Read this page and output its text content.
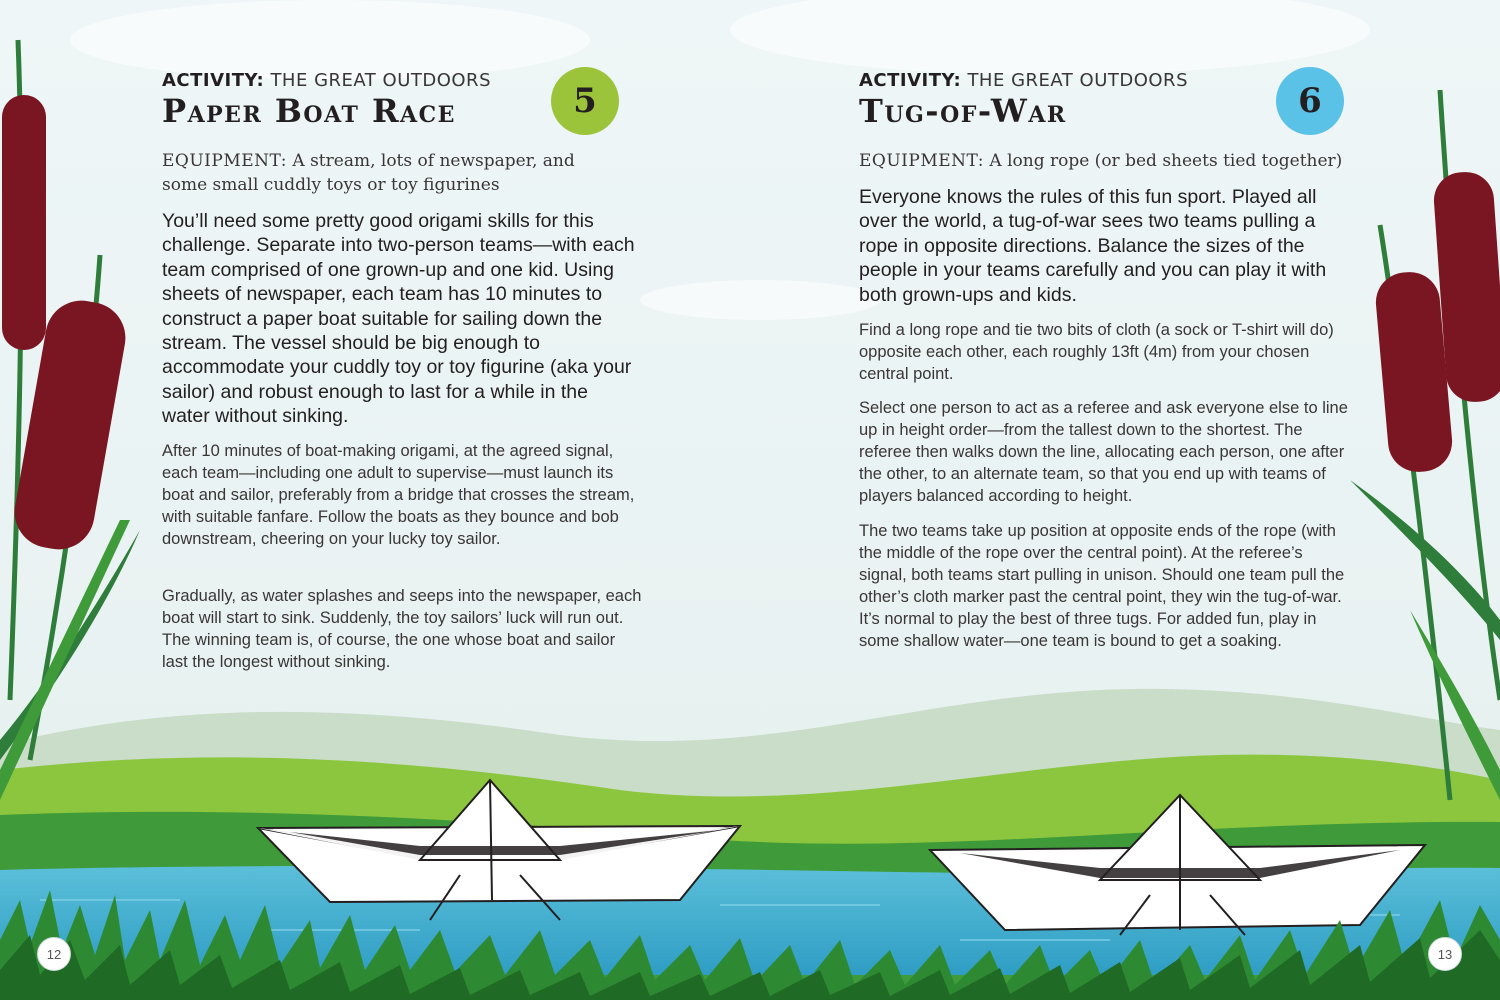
ACTIVITY: THE GREAT OUTDOORS
Paper Boat Race	5
EQUIPMENT: A stream, lots of newspaper, and some small cuddly toys or toy figurines

You’ll need some pretty good origami skills for this challenge. Separate into two-person teams—with each team comprised of one grown-up and one kid. Using sheets of newspaper, each team has 10 minutes to construct a paper boat suitable for sailing down the stream. The vessel should be big enough to accommodate your cuddly toy or toy figurine (aka your sailor) and robust enough to last for a while in the water without sinking.

After 10 minutes of boat-making origami, at the agreed signal, each team—including one adult to supervise—must launch its boat and sailor, preferably from a bridge that crosses the stream, with suitable fanfare. Follow the boats as they bounce and bob downstream, cheering on your lucky toy sailor.

Gradually, as water splashes and seeps into the newspaper, each boat will start to sink. Suddenly, the toy sailors’ luck will run out. The winning team is, of course, the one whose boat and sailor last the longest without sinking.

12
ACTIVITY: THE GREAT OUTDOORS
Tug-of-War	6
EQUIPMENT: A long rope (or bed sheets tied together)

Everyone knows the rules of this fun sport. Played all over the world, a tug-of-war sees two teams pulling a rope in opposite directions. Balance the sizes of the people in your teams carefully and you can play it with both grown-ups and kids.

Find a long rope and tie two bits of cloth (a sock or T-shirt will do) opposite each other, each roughly 13ft (4m) from your chosen central point.

Select one person to act as a referee and ask everyone else to line up in height order—from the tallest down to the shortest. The referee then walks down the line, allocating each person, one after the other, to an alternate team, so that you end up with teams of players balanced according to height.

The two teams take up position at opposite ends of the rope (with the middle of the rope over the central point). At the referee’s signal, both teams start pulling in unison. Should one team pull the other’s cloth marker past the central point, they win the tug-of-war. It’s normal to play the best of three tugs. For added fun, play in some shallow water—one team is bound to get a soaking.

13
